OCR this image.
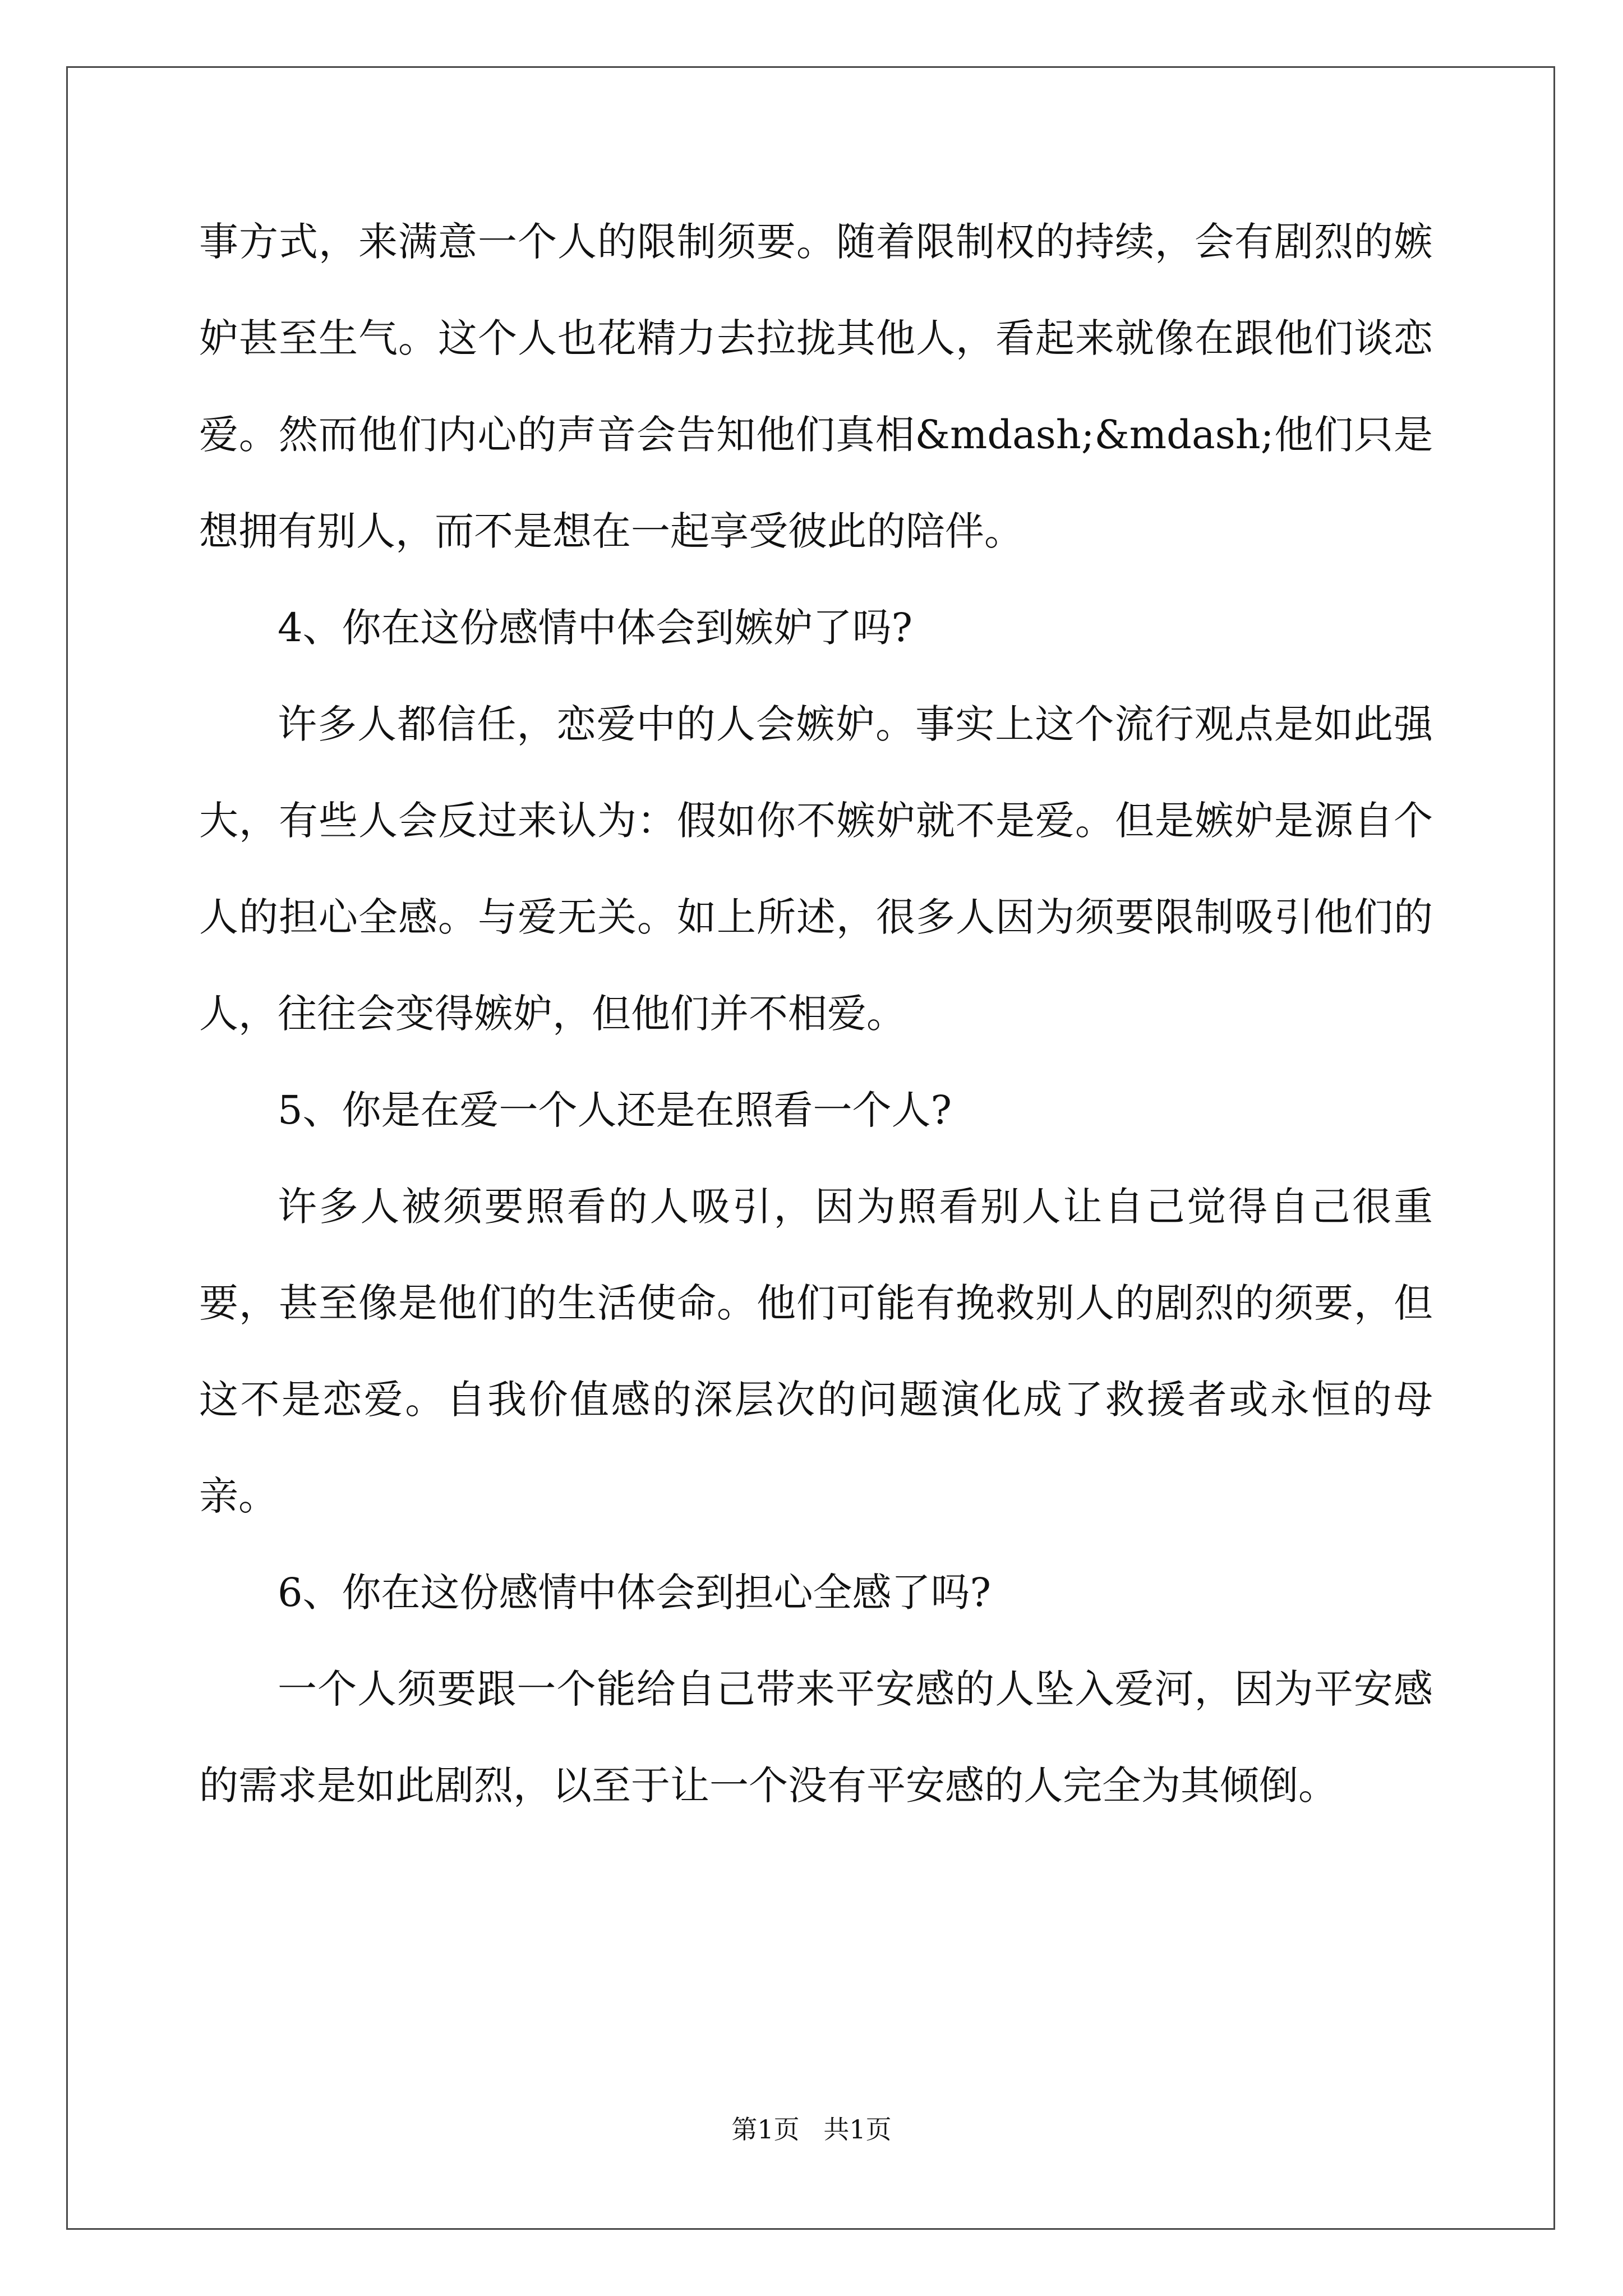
事方式，来满意一个人的限制须要。随着限制权的持续，会有剧烈的嫉妒甚至生气。这个人也花精力去拉拢其他人，看起来就像在跟他们谈恋爱。然而他们内心的声音会告知他们真相&mdash;&mdash;他们只是想拥有别人，而不是想在一起享受彼此的陪伴。

4、你在这份感情中体会到嫉妒了吗?

许多人都信任，恋爱中的人会嫉妒。事实上这个流行观点是如此强大，有些人会反过来认为：假如你不嫉妒就不是爱。但是嫉妒是源自个人的担心全感。与爱无关。如上所述，很多人因为须要限制吸引他们的人，往往会变得嫉妒，但他们并不相爱。

5、你是在爱一个人还是在照看一个人?

许多人被须要照看的人吸引，因为照看别人让自己觉得自己很重要，甚至像是他们的生活使命。他们可能有挽救别人的剧烈的须要，但这不是恋爱。自我价值感的深层次的问题演化成了救援者或永恒的母亲。

6、你在这份感情中体会到担心全感了吗?

一个人须要跟一个能给自己带来平安感的人坠入爱河，因为平安感的需求是如此剧烈，以至于让一个没有平安感的人完全为其倾倒。

第1页 共1页
